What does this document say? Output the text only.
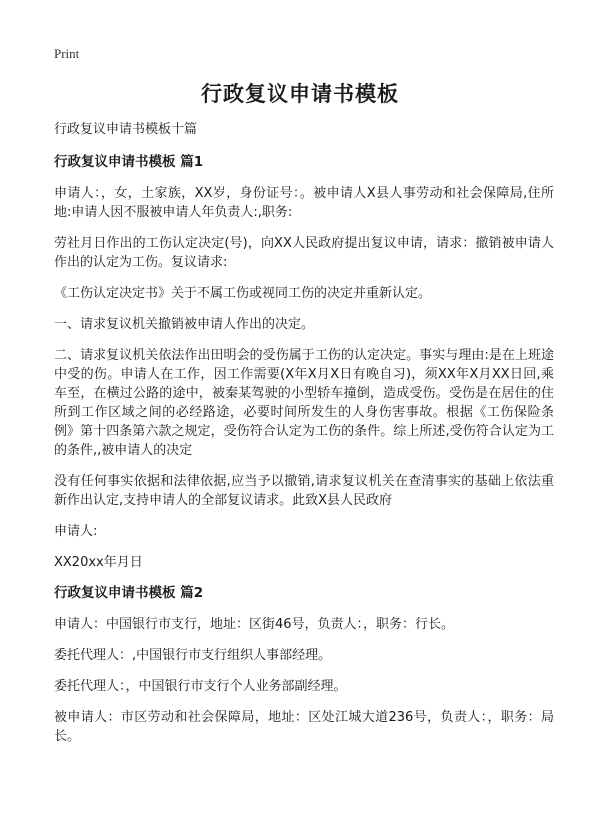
Print
行政复议申请书模板

行政复议申请书模板十篇

行政复议申请书模板 篇1

申请人：，女，土家族，XX岁，身份证号：。被申请人X县人事劳动和社会保障局,住所地:申请人因不服被申请人年负责人:,职务:

劳社月日作出的工伤认定决定(号)，向XX人民政府提出复议申请，请求：撤销被申请人作出的认定为工伤。复议请求:

《工伤认定决定书》关于不属工伤或视同工伤的决定并重新认定。

一、请求复议机关撤销被申请人作出的决定。

二、请求复议机关依法作出田明会的受伤属于工伤的认定决定。事实与理由:是在上班途中受的伤。申请人在工作，因工作需要(X年X月X日有晚自习)，须XX年X月XX日回,乘车至，在横过公路的途中，被秦某驾驶的小型轿车撞倒，造成受伤。受伤是在居住的住所到工作区域之间的必经路途，必要时间所发生的人身伤害事故。根据《工伤保险条例》第十四条第六款之规定，受伤符合认定为工伤的条件。综上所述,受伤符合认定为工的条件,,被申请人的决定

没有任何事实依据和法律依据,应当予以撤销,请求复议机关在查清事实的基础上依法重新作出认定,支持申请人的全部复议请求。此致X县人民政府

申请人:

XX20xx年月日

行政复议申请书模板 篇2

申请人：中国银行市支行，地址：区街46号，负责人：，职务：行长。

委托代理人：,中国银行市支行组织人事部经理。

委托代理人：，中国银行市支行个人业务部副经理。

被申请人：市区劳动和社会保障局，地址：区处江城大道236号，负责人：，职务：局长。
